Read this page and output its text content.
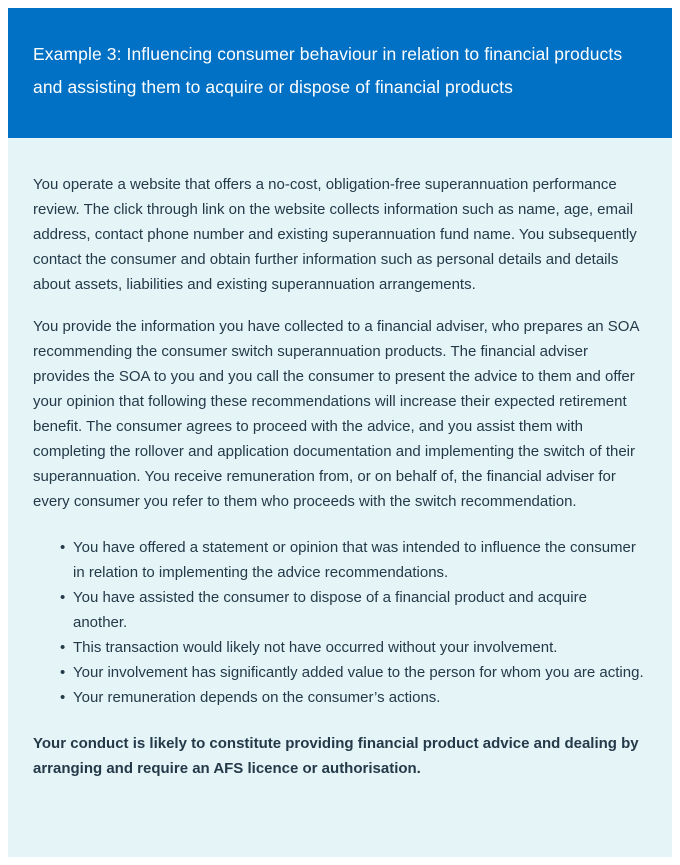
Example 3: Influencing consumer behaviour in relation to financial products and assisting them to acquire or dispose of financial products

You operate a website that offers a no-cost, obligation-free superannuation performance review. The click through link on the website collects information such as name, age, email address, contact phone number and existing superannuation fund name. You subsequently contact the consumer and obtain further information such as personal details and details about assets, liabilities and existing superannuation arrangements.

You provide the information you have collected to a financial adviser, who prepares an SOA recommending the consumer switch superannuation products. The financial adviser provides the SOA to you and you call the consumer to present the advice to them and offer your opinion that following these recommendations will increase their expected retirement benefit. The consumer agrees to proceed with the advice, and you assist them with completing the rollover and application documentation and implementing the switch of their superannuation. You receive remuneration from, or on behalf of, the financial adviser for every consumer you refer to them who proceeds with the switch recommendation.

• You have offered a statement or opinion that was intended to influence the consumer in relation to implementing the advice recommendations.
• You have assisted the consumer to dispose of a financial product and acquire another.
• This transaction would likely not have occurred without your involvement.
• Your involvement has significantly added value to the person for whom you are acting.
• Your remuneration depends on the consumer’s actions.

Your conduct is likely to constitute providing financial product advice and dealing by arranging and require an AFS licence or authorisation.
